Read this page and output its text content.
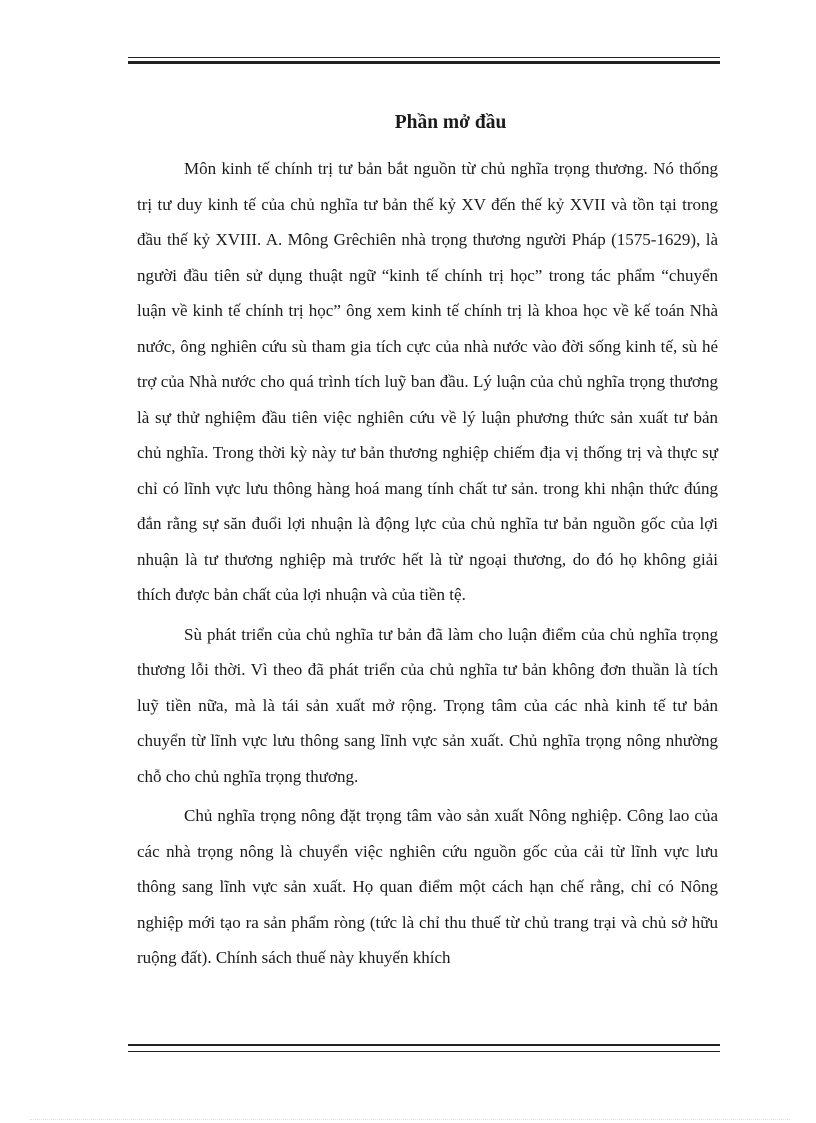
Phần mở đầu

Môn kinh tế chính trị tư bản bắt nguồn từ chủ nghĩa trọng thương. Nó thống trị tư duy kinh tế của chủ nghĩa tư bản thế kỷ XV đến thế kỷ XVII và tồn tại trong đầu thế kỷ XVIII. A. Mông Grêchiên nhà trọng thương người Pháp (1575-1629), là người đầu tiên sử dụng thuật ngữ “kinh tế chính trị học” trong tác phẩm “chuyển luận về kinh tế chính trị học” ông xem kinh tế chính trị là khoa học về kế toán Nhà nước, ông nghiên cứu sù tham gia tích cực của nhà nước vào đời sống kinh tế, sù hé trợ của Nhà nước cho quá trình tích luỹ ban đầu. Lý luận của chủ nghĩa trọng thương là sự thử nghiệm đầu tiên việc nghiên cứu về lý luận phương thức sản xuất tư bản chủ nghĩa. Trong thời kỳ này tư bản thương nghiệp chiếm địa vị thống trị và thực sự chỉ có lĩnh vực lưu thông hàng hoá mang tính chất tư sản. trong khi nhận thức đúng đắn rằng sự săn đuổi lợi nhuận là động lực của chủ nghĩa tư bản nguồn gốc của lợi nhuận là tư thương nghiệp mà trước hết là từ ngoại thương, do đó họ không giải thích được bản chất của lợi nhuận và của tiền tệ.

Sù phát triển của chủ nghĩa tư bản đã làm cho luận điểm của chủ nghĩa trọng thương lỗi thời. Vì theo đã phát triển của chủ nghĩa tư bản không đơn thuần là tích luỹ tiền nữa, mà là tái sản xuất mở rộng. Trọng tâm của các nhà kinh tế tư bản chuyển từ lĩnh vực lưu thông sang lĩnh vực sản xuất. Chủ nghĩa trọng nông nhường chỗ cho chủ nghĩa trọng thương.

Chủ nghĩa trọng nông đặt trọng tâm vào sản xuất Nông nghiệp. Công lao của các nhà trọng nông là chuyển việc nghiên cứu nguồn gốc của cải từ lĩnh vực lưu thông sang lĩnh vực sản xuất. Họ quan điểm một cách hạn chế rằng, chỉ có Nông nghiệp mới tạo ra sản phẩm ròng (tức là chỉ thu thuế từ chủ trang trại và chủ sở hữu ruộng đất). Chính sách thuế này khuyến khích
